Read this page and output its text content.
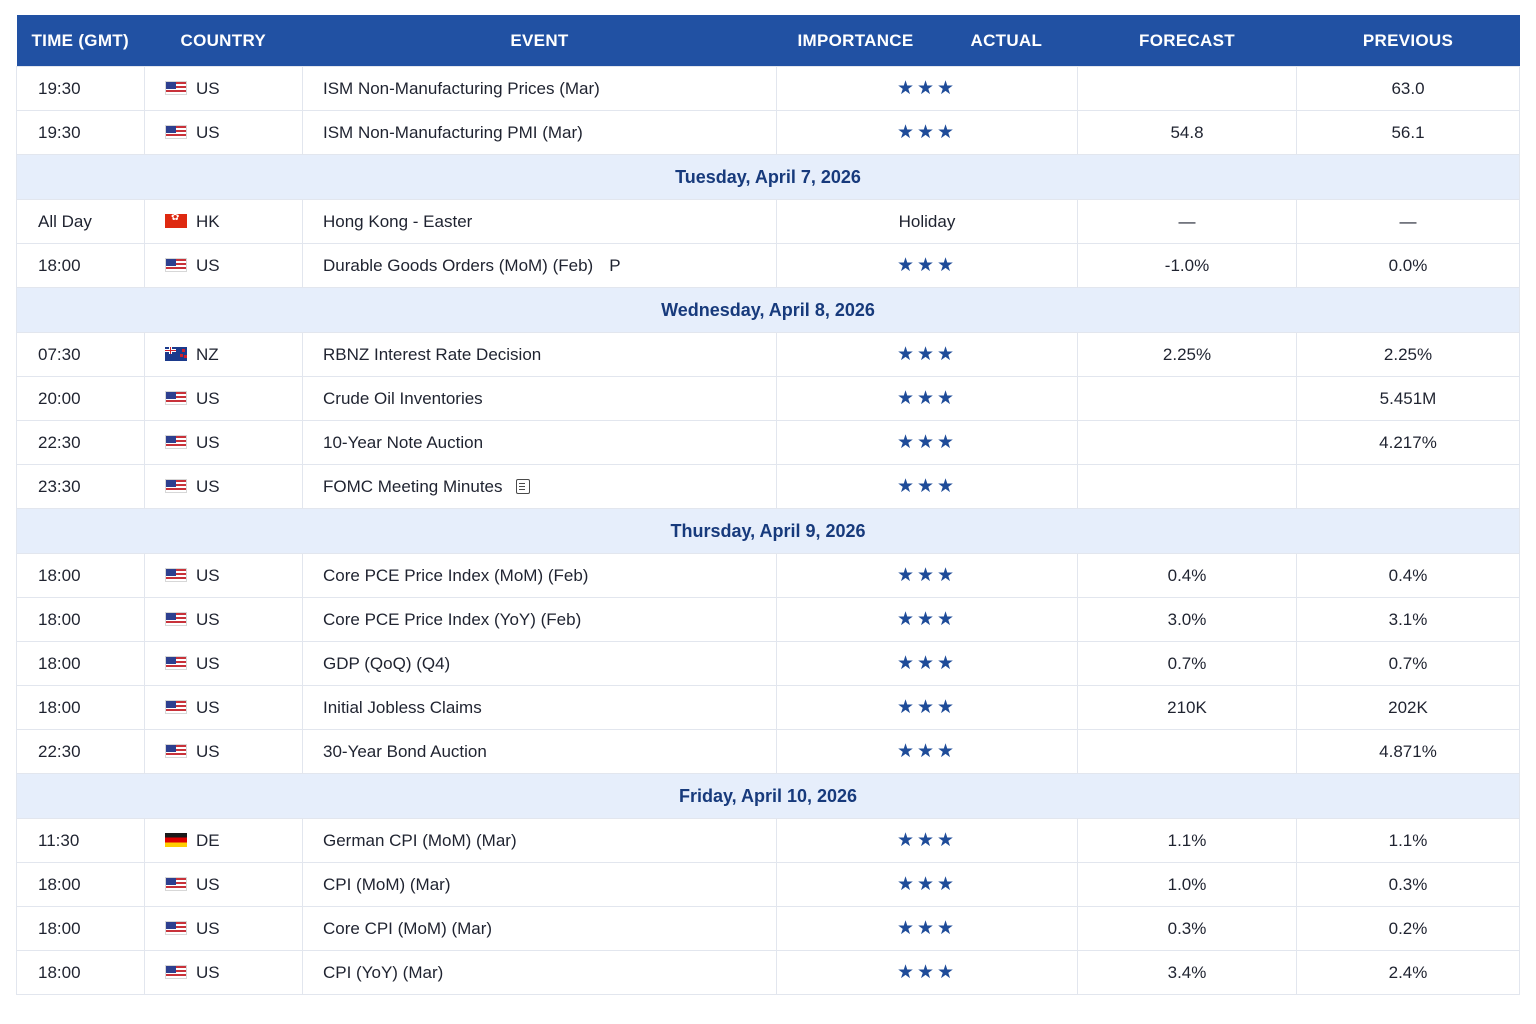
TIME (GMT)	COUNTRY	EVENT	IMPORTANCE	ACTUAL	FORECAST	PREVIOUS
19:30	US	ISM Non-Manufacturing Prices (Mar)	★★★			63.0
19:30	US	ISM Non-Manufacturing PMI (Mar)	★★★		54.8	56.1
Tuesday, April 7, 2026						
All Day	✿HK	Hong Kong - Easter	Holiday		—	—
18:00	US	Durable Goods Orders (MoM) (Feb) P	★★★		-1.0%	0.0%
Wednesday, April 8, 2026						
07:30	NZ	RBNZ Interest Rate Decision	★★★		2.25%	2.25%
20:00	US	Crude Oil Inventories	★★★			5.451M
22:30	US	10-Year Note Auction	★★★			4.217%
23:30	US	FOMC Meeting Minutes	★★★			
Thursday, April 9, 2026						
18:00	US	Core PCE Price Index (MoM) (Feb)	★★★		0.4%	0.4%
18:00	US	Core PCE Price Index (YoY) (Feb)	★★★		3.0%	3.1%
18:00	US	GDP (QoQ) (Q4)	★★★		0.7%	0.7%
18:00	US	Initial Jobless Claims	★★★		210K	202K
22:30	US	30-Year Bond Auction	★★★			4.871%
Friday, April 10, 2026						
11:30	DE	German CPI (MoM) (Mar)	★★★		1.1%	1.1%
18:00	US	CPI (MoM) (Mar)	★★★		1.0%	0.3%
18:00	US	Core CPI (MoM) (Mar)	★★★		0.3%	0.2%
18:00	US	CPI (YoY) (Mar)	★★★		3.4%	2.4%
